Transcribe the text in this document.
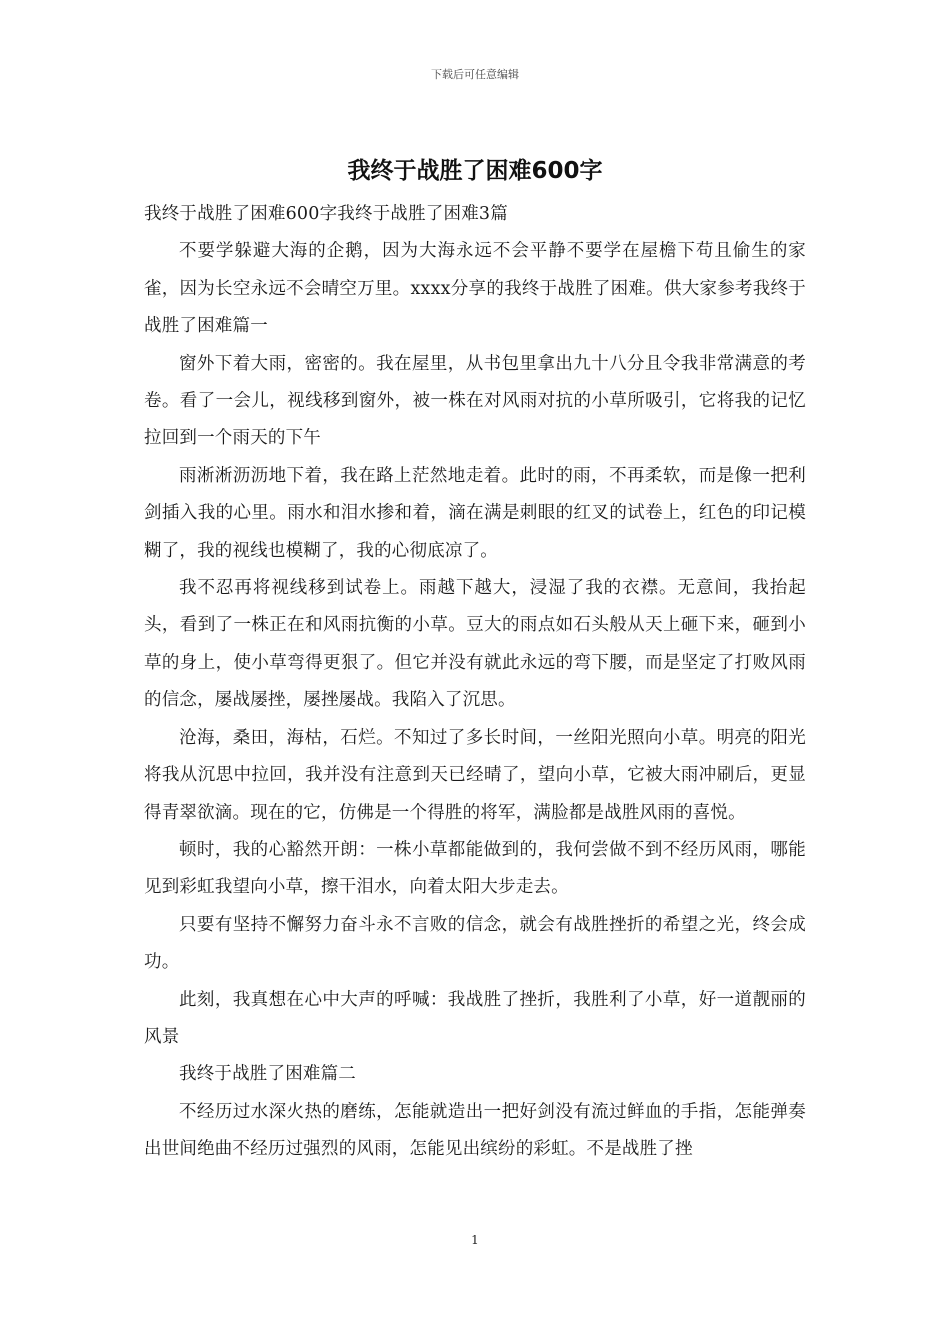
下载后可任意编辑
我终于战胜了困难600字

我终于战胜了困难600字我终于战胜了困难3篇

不要学躲避大海的企鹅，因为大海永远不会平静不要学在屋檐下苟且偷生的家雀，因为长空永远不会晴空万里。xxxx分享的我终于战胜了困难。供大家参考我终于战胜了困难篇一

窗外下着大雨，密密的。我在屋里，从书包里拿出九十八分且令我非常满意的考卷。看了一会儿，视线移到窗外，被一株在对风雨对抗的小草所吸引，它将我的记忆拉回到一个雨天的下午

雨淅淅沥沥地下着，我在路上茫然地走着。此时的雨，不再柔软，而是像一把利剑插入我的心里。雨水和泪水掺和着，滴在满是刺眼的红叉的试卷上，红色的印记模糊了，我的视线也模糊了，我的心彻底凉了。

我不忍再将视线移到试卷上。雨越下越大，浸湿了我的衣襟。无意间，我抬起头，看到了一株正在和风雨抗衡的小草。豆大的雨点如石头般从天上砸下来，砸到小草的身上，使小草弯得更狠了。但它并没有就此永远的弯下腰，而是坚定了打败风雨的信念，屡战屡挫，屡挫屡战。我陷入了沉思。

沧海，桑田，海枯，石烂。不知过了多长时间，一丝阳光照向小草。明亮的阳光将我从沉思中拉回，我并没有注意到天已经晴了，望向小草，它被大雨冲刷后，更显得青翠欲滴。现在的它，仿佛是一个得胜的将军，满脸都是战胜风雨的喜悦。

顿时，我的心豁然开朗：一株小草都能做到的，我何尝做不到不经历风雨，哪能见到彩虹我望向小草，擦干泪水，向着太阳大步走去。

只要有坚持不懈努力奋斗永不言败的信念，就会有战胜挫折的希望之光，终会成功。

此刻，我真想在心中大声的呼喊：我战胜了挫折，我胜利了小草，好一道靓丽的风景

我终于战胜了困难篇二

不经历过水深火热的磨练，怎能就造出一把好剑没有流过鲜血的手指，怎能弹奏出世间绝曲不经历过强烈的风雨，怎能见出缤纷的彩虹。不是战胜了挫

1
